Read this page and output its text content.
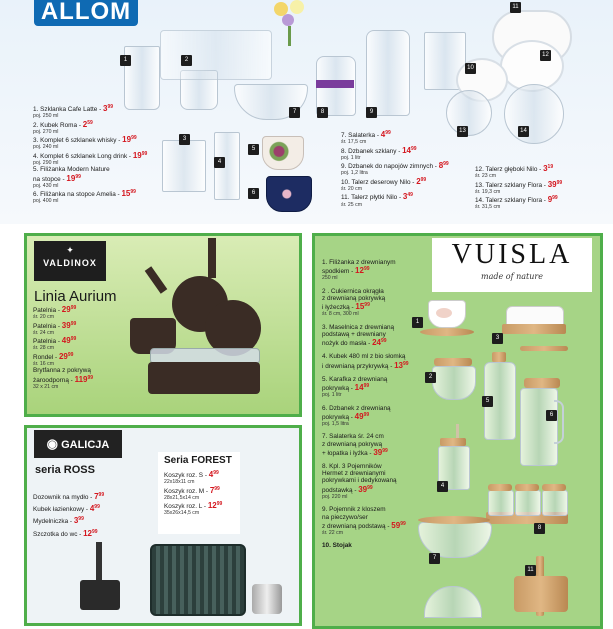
ALLOM
1	2
3
4
5
6
7	8	9
10
11
12
13	14
1. Szklanka Cafe Latte - $3^{99}$
poj. 250 ml
2. Kubek Roma - $2^{59}$
poj. 270 ml
3. Komplet 6 szklanek whisky - $19^{99}$
poj. 240 ml
4. Komplet 6 szklanek Long drink - $19^{99}$
poj. 290 ml
5. Filiżanka Modern Nature
na stopce - $19^{99}$
poj. 430 ml
6. Filiżanka na stopce Amelia - $15^{99}$
poj. 400 ml
7. Salaterka - $4^{99}$
śr. 17,5 cm
8. Dzbanek szklany - $14^{99}$
poj. 1 litr
9. Dzbanek do napojów zimnych - $8^{99}$
poj. 1,2 litra
10. Talerz deserowy Nilo - $2^{99}$
śr. 20 cm
11. Talerz płytki Nilo - $3^{49}$
śr. 25 cm
12. Talerz głęboki Nilo - $3^{19}$
śr. 23 cm
13. Talerz szklany Flora - $39^{99}$
śr. 19,3 cm
14. Talerz szklany Flora - $9^{99}$
śr. 31,5 cm
✦
VALDINOX
Linia Aurium
Patelnia - $29^{99}$
śr. 20 cm
Patelnia - $39^{99}$
śr. 24 cm
Patelnia - $49^{99}$
śr. 28 cm
Rondel - $29^{99}$
śr. 16 cm
Brytfanna z pokrywą
żaroodporną - $119^{99}$
32 x 21 cm
◉ GALICJA
seria ROSS
Dozownik na mydło - $7^{99}$
Kubek łazienkowy - $4^{99}$
Mydelniczka - $3^{99}$
Szczotka do wc - $12^{99}$
Seria FOREST
Koszyk roz. S - $4^{99}$
22x18x11 cm
Koszyk roz. M - $7^{99}$
28x21,5x14 cm
Koszyk roz. L - $12^{99}$
35x26x14,5 cm
VUISLA
made of nature
1. Filiżanka z drewnianym
spodkiem - $12^{99}$
250 ml
2 . Cukiernica okrągła
z drewnianą pokrywką
i łyżeczką - $15^{99}$
śr. 8 cm, 300 ml
3. Maselnica z drewnianą
podstawą + drewniany
nożyk do masła - $24^{99}$
4. Kubek 480 ml z bio słomką
i drewnianą przykrywką - $13^{99}$
5. Karafka z drewnianą
pokrywką - $14^{99}$
poj. 1 litr
6. Dzbanek z drewnianą
pokrywką - $49^{99}$
poj. 1,5 litra
7. Salaterka śr. 24 cm
z drewnianą pokrywą
+ łopatka i łyżka - $39^{99}$
8. Kpl. 3 Pojemników
Hermet z drewnianymi
pokrywkami i dedykowaną
podstawką - $39^{99}$
poj. 220 ml
9. Pojemnik z kloszem
na pieczywo/ser
z drewnianą podstawą - $59^{99}$
śr. 22 cm
10. Stojak
1
2
3
4
5
6
7
8
11
